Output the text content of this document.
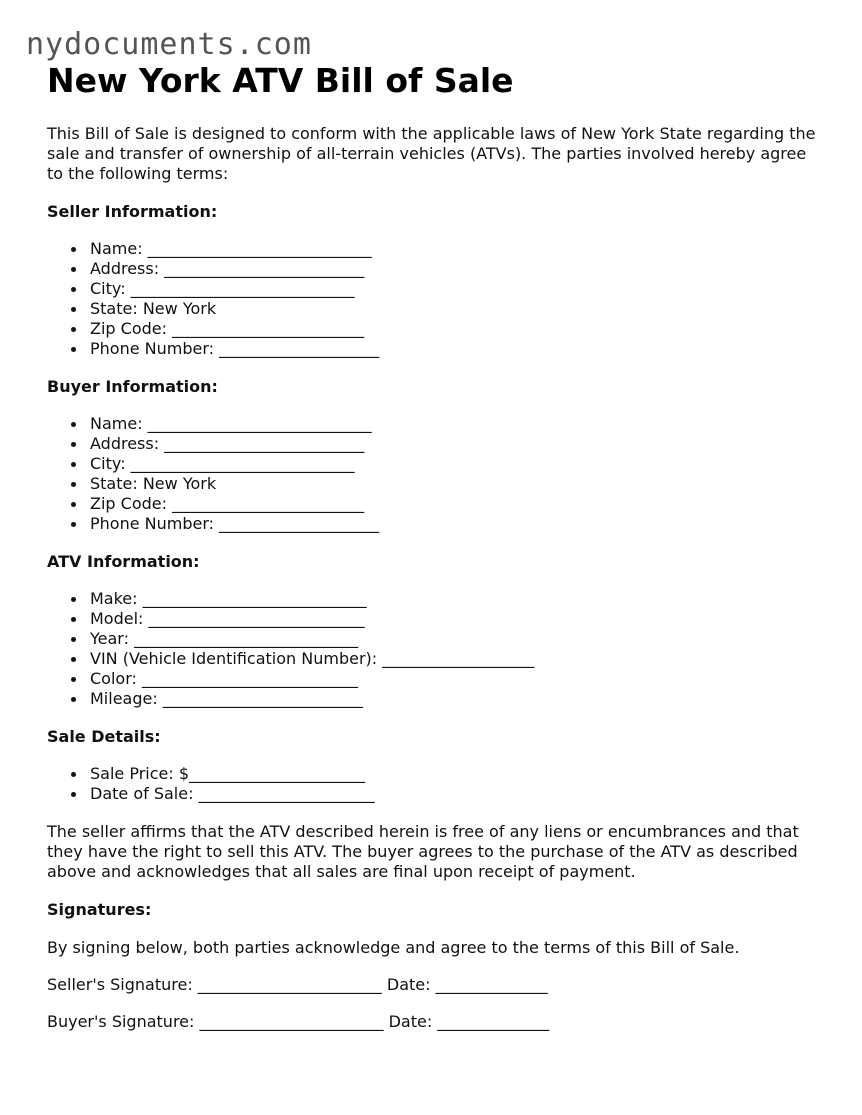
nydocuments.com
New York ATV Bill of Sale

This Bill of Sale is designed to conform with the applicable laws of New York State regarding the sale and transfer of ownership of all-terrain vehicles (ATVs). The parties involved hereby agree to the following terms:

Seller Information:
Name: ____________________________
Address: _________________________
City: ____________________________
State: New York
Zip Code: ________________________
Phone Number: ____________________
Buyer Information:
Name: ____________________________
Address: _________________________
City: ____________________________
State: New York
Zip Code: ________________________
Phone Number: ____________________
ATV Information:
Make: ____________________________
Model: ___________________________
Year: ____________________________
VIN (Vehicle Identification Number): ___________________
Color: ___________________________
Mileage: _________________________
Sale Details:
Sale Price: $______________________
Date of Sale: ______________________

The seller affirms that the ATV described herein is free of any liens or encumbrances and that they have the right to sell this ATV. The buyer agrees to the purchase of the ATV as described above and acknowledges that all sales are final upon receipt of payment.

Signatures:

By signing below, both parties acknowledge and agree to the terms of this Bill of Sale.

Seller's Signature: _______________________ Date: ______________

Buyer's Signature: _______________________ Date: ______________
